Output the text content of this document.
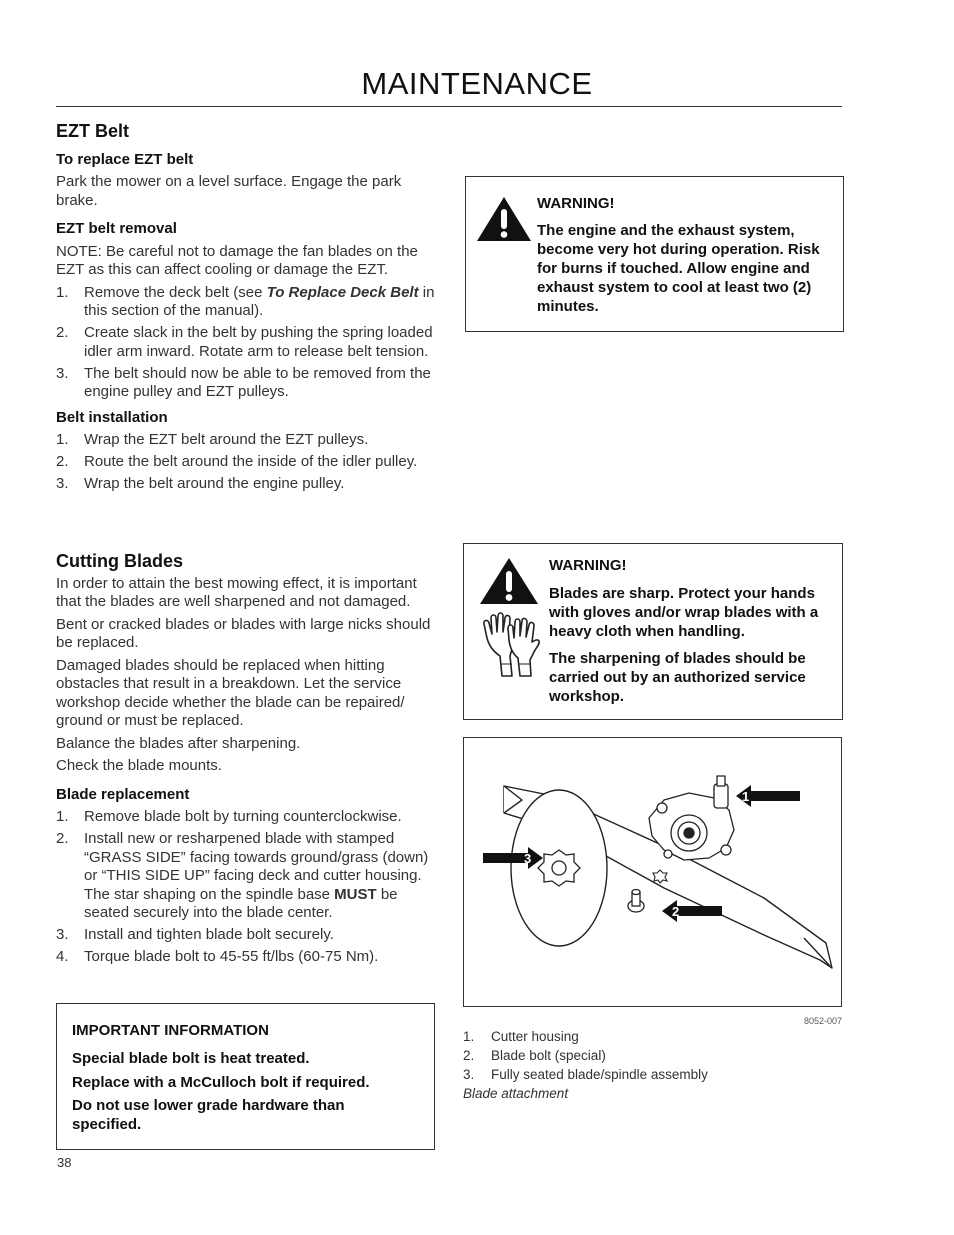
MAINTENANCE
EZT Belt
To replace EZT belt

Park the mower on a level surface. Engage the park brake.

EZT belt removal

NOTE: Be careful not to damage the fan blades on the EZT as this can affect cooling or damage the EZT.

1. Remove the deck belt (see To Replace Deck Belt in this section of the manual).
2. Create slack in the belt by pushing the spring loaded idler arm inward. Rotate arm to release belt tension.
3. The belt should now be able to be removed from the engine pulley and EZT pulleys.
Belt installation
1. Wrap the EZT belt around the EZT pulleys.
2. Route the belt around the inside of the idler pulley.
3. Wrap the belt around the engine pulley.
WARNING!
The engine and the exhaust system, become very hot during operation. Risk for burns if touched. Allow engine and exhaust system to cool at least two (2) minutes.
Cutting Blades

In order to attain the best mowing effect, it is important that the blades are well sharpened and not damaged.

Bent or cracked blades or blades with large nicks should be replaced.

Damaged blades should be replaced when hitting obstacles that result in a breakdown. Let the service workshop decide whether the blade can be repaired/ ground or must be replaced.

Balance the blades after sharpening.

Check the blade mounts.

Blade replacement
1. Remove blade bolt by turning counterclockwise.
2. Install new or resharpened blade with stamped “GRASS SIDE” facing towards ground/grass (down) or “THIS SIDE UP” facing deck and cutter housing.
The star shaping on the spindle base MUST be seated securely into the blade center.
3. Install and tighten blade bolt securely.
4. Torque blade bolt to 45-55 ft/lbs (60-75 Nm).
WARNING!
Blades are sharp. Protect your hands with gloves and/or wrap blades with a heavy cloth when handling.
The sharpening of blades should be carried out by an authorized service workshop.
1
2
3
8052-007
1. Cutter housing
2. Blade bolt (special)
3. Fully seated blade/spindle assembly
Blade attachment
IMPORTANT INFORMATION
Special blade bolt is heat treated.
Replace with a McCulloch bolt if required.
Do not use lower grade hardware than specified.
38
